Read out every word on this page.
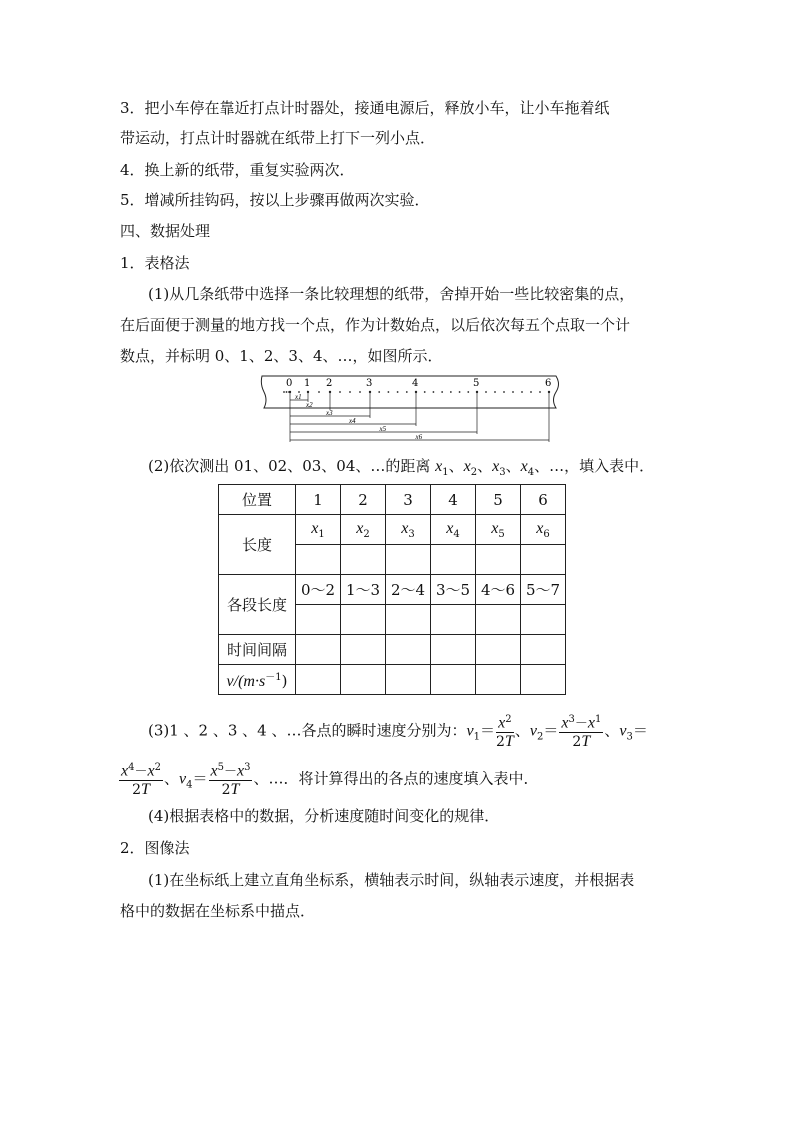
3．把小车停在靠近打点计时器处，接通电源后，释放小车，让小车拖着纸
带运动，打点计时器就在纸带上打下一列小点．
4．换上新的纸带，重复实验两次．
5．增减所挂钩码，按以上步骤再做两次实验．
四、数据处理
1．表格法
(1)从几条纸带中选择一条比较理想的纸带，舍掉开始一些比较密集的点，
在后面便于测量的地方找一个点，作为计数始点，以后依次每五个点取一个计
数点，并标明 0、1、2、3、4、…，如图所示．
0 1 2	3	4	5	6
x1
x2
x3
x4
x5
x6
(2)依次测出 01、02、03、04、…的距离 $x_1$、$x_2$、$x_3$、$x_4$、…，填入表中．
位置	1	2	3	4	5	6
长度	$x_1$	$x_2$	$x_3$	$x_4$	$x_5$	$x_6$

各段长度	0～2	1～3	2～4	3～5	4～6	5～7

时间间隔						
$v/(m\cdot s^{-1})$						
(3)1 、2 、3 、4 、…各点的瞬时速度分别为：$v_1= \frac{x^2}{2T}$ 、$v_2= \frac{x^3-x^1}{2T}$ 、$v_3=$
$\frac{x^4-x^2}{2T}$ 、$v_4= \frac{x^5-x^3}{2T}$ 、…．将计算得出的各点的速度填入表中．
(4)根据表格中的数据，分析速度随时间变化的规律．
2．图像法
(1)在坐标纸上建立直角坐标系，横轴表示时间，纵轴表示速度，并根据表
格中的数据在坐标系中描点．
